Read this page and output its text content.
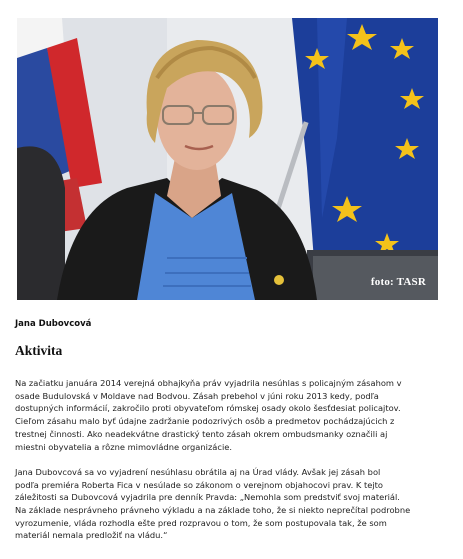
foto: TASR
Jana Dubovcová
Aktivita

Na začiatku januára 2014 verejná obhajkyňa práv vyjadrila nesúhlas s policajným zásahom v
osade Budulovská v Moldave nad Bodvou. Zásah prebehol v júni roku 2013 kedy, podľa
dostupných informácií, zakročilo proti obyvateľom rómskej osady okolo šesťdesiat policajtov.
Cieľom zásahu malo byť údajne zadržanie podozrivých osôb a predmetov pochádzajúcich z
trestnej činnosti. Ako neadekvátne drastický tento zásah okrem ombudsmanky označili aj
miestni obyvatelia a rôzne mimovládne organizácie.

Jana Dubovcová sa vo vyjadrení nesúhlasu obrátila aj na Úrad vlády. Avšak jej zásah bol
podľa premiéra Roberta Fica v nesúlade so zákonom o verejnom objahocovi prav. K tejto
záležitosti sa Dubovcová vyjadrila pre denník Pravda: „Nemohla som predstviť svoj materiál.
Na základe nesprávneho právneho výkladu a na základe toho, že si niekto neprečítal podrobne
vyrozumenie, vláda rozhodla ešte pred rozpravou o tom, že som postupovala tak, že som
materiál nemala predložiť na vládu.“
